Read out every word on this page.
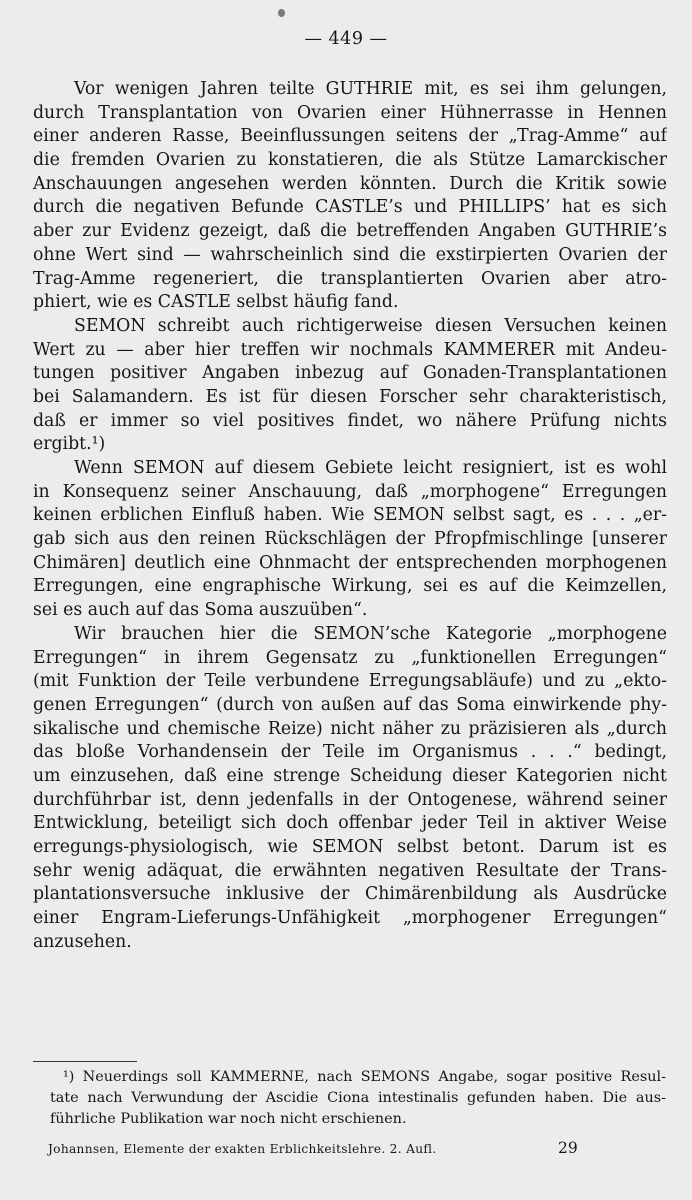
— 449 —
Vor wenigen Jahren teilte GUTHRIE mit, es sei ihm gelungen,
durch Transplantation von Ovarien einer Hühnerrasse in Hennen
einer anderen Rasse, Beeinflussungen seitens der „Trag-Amme“ auf
die fremden Ovarien zu konstatieren, die als Stütze Lamarckischer
Anschauungen angesehen werden könnten. Durch die Kritik sowie
durch die negativen Befunde CASTLE’s und PHILLIPS’ hat es sich
aber zur Evidenz gezeigt, daß die betreffenden Angaben GUTHRIE’s
ohne Wert sind — wahrscheinlich sind die exstirpierten Ovarien der
Trag-Amme regeneriert, die transplantierten Ovarien aber atro-
phiert, wie es CASTLE selbst häufig fand.
SEMON schreibt auch richtigerweise diesen Versuchen keinen
Wert zu — aber hier treffen wir nochmals KAMMERER mit Andeu-
tungen positiver Angaben inbezug auf Gonaden-Transplantationen
bei Salamandern. Es ist für diesen Forscher sehr charakteristisch,
daß er immer so viel positives findet, wo nähere Prüfung nichts
ergibt.¹)
Wenn SEMON auf diesem Gebiete leicht resigniert, ist es wohl
in Konsequenz seiner Anschauung, daß „morphogene“ Erregungen
keinen erblichen Einfluß haben. Wie SEMON selbst sagt, es . . . „er-
gab sich aus den reinen Rückschlägen der Pfropfmischlinge [unserer
Chimären] deutlich eine Ohnmacht der entsprechenden morphogenen
Erregungen, eine engraphische Wirkung, sei es auf die Keimzellen,
sei es auch auf das Soma auszuüben“.
Wir brauchen hier die SEMON’sche Kategorie „morphogene
Erregungen“ in ihrem Gegensatz zu „funktionellen Erregungen“
(mit Funktion der Teile verbundene Erregungsabläufe) und zu „ekto-
genen Erregungen“ (durch von außen auf das Soma einwirkende phy-
sikalische und chemische Reize) nicht näher zu präzisieren als „durch
das bloße Vorhandensein der Teile im Organismus . . .“ bedingt,
um einzusehen, daß eine strenge Scheidung dieser Kategorien nicht
durchführbar ist, denn jedenfalls in der Ontogenese, während seiner
Entwicklung, beteiligt sich doch offenbar jeder Teil in aktiver Weise
erregungs-physiologisch, wie SEMON selbst betont. Darum ist es
sehr wenig adäquat, die erwähnten negativen Resultate der Trans-
plantationsversuche inklusive der Chimärenbildung als Ausdrücke
einer Engram-Lieferungs-Unfähigkeit „morphogener Erregungen“
anzusehen.
¹) Neuerdings soll KAMMERNE, nach SEMONS Angabe, sogar positive Resul-
tate nach Verwundung der Ascidie Ciona intestinalis gefunden haben. Die aus-
führliche Publikation war noch nicht erschienen.
Johannsen, Elemente der exakten Erblichkeitslehre. 2. Aufl.	29
